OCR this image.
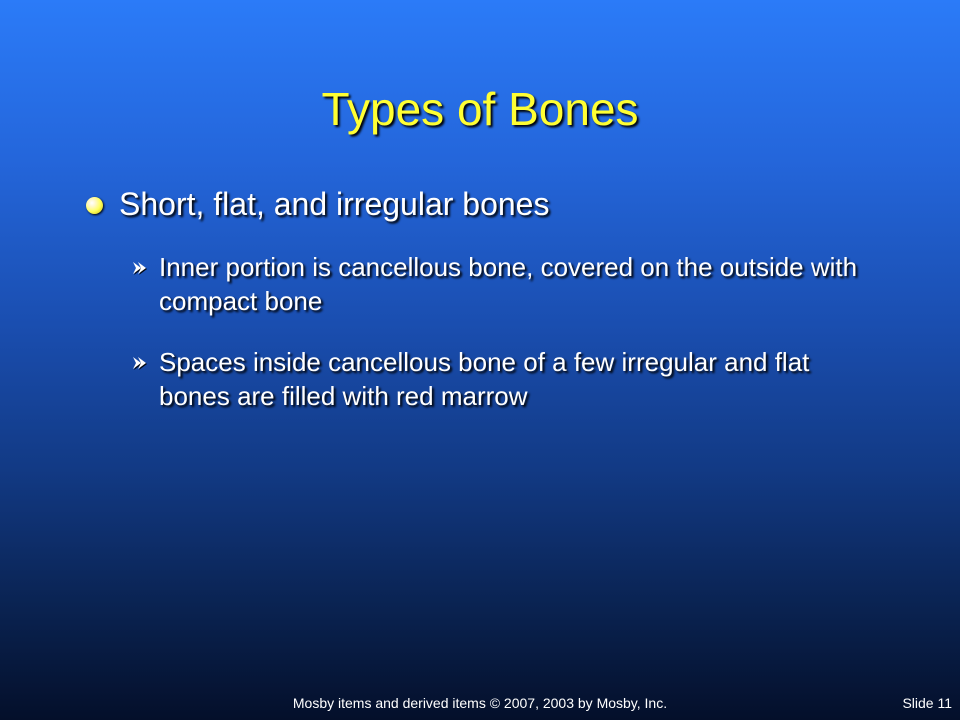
Types of Bones
Short, flat, and irregular bones
Inner portion is cancellous bone, covered on the outside with compact bone
Spaces inside cancellous bone of a few irregular and flat bones are filled with red marrow
Mosby items and derived items © 2007, 2003 by Mosby, Inc.	Slide 11
